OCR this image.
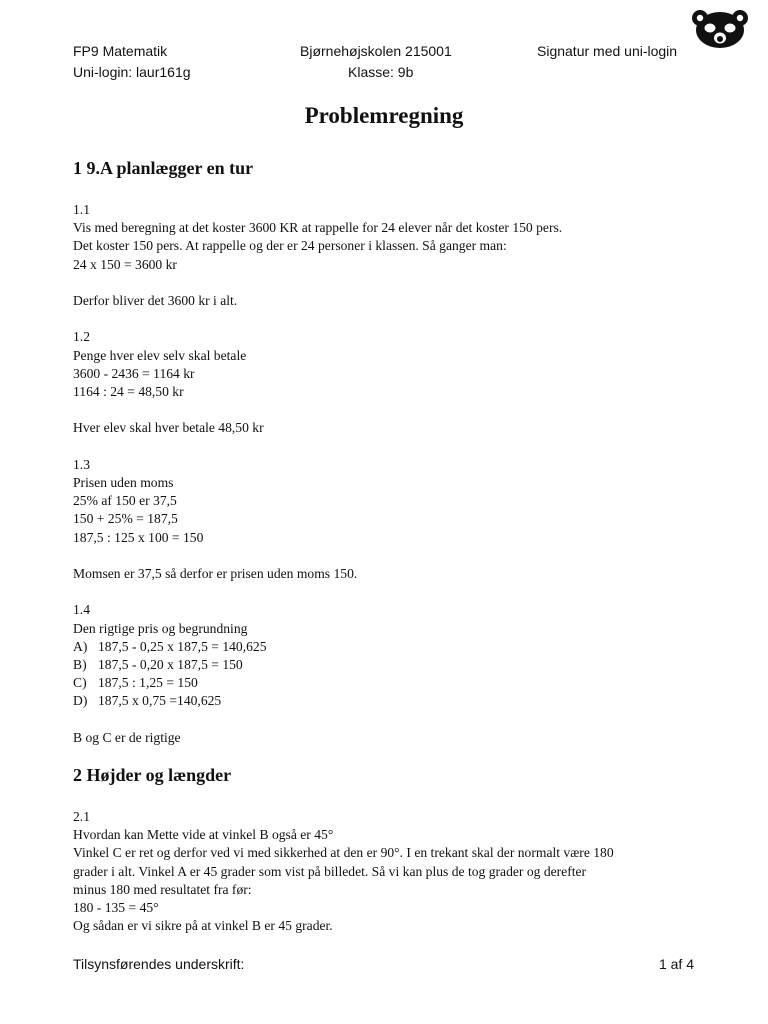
FP9 Matematik	Bjørnehøjskolen 215001	Signatur med uni-login
Uni-login: laur161g	Klasse: 9b
Problemregning
1 9.A planlægger en tur

1.1

Vis med beregning at det koster 3600 KR at rappelle for 24 elever når det koster 150 pers.

Det koster 150 pers. At rappelle og der er 24 personer i klassen. Så ganger man:

24 x 150 = 3600 kr

Derfor bliver det 3600 kr i alt.

1.2

Penge hver elev selv skal betale

3600 - 2436 = 1164 kr

1164 : 24 = 48,50 kr

Hver elev skal hver betale 48,50 kr

1.3

Prisen uden moms

25% af 150 er 37,5

150 + 25% = 187,5

187,5 : 125 x 100 = 150

Momsen er 37,5 så derfor er prisen uden moms 150.

1.4

Den rigtige pris og begrundning

A) 187,5 - 0,25 x 187,5 = 140,625
B) 187,5 - 0,20 x 187,5 = 150
C) 187,5 : 1,25 = 150
D) 187,5 x 0,75 =140,625

B og C er de rigtige

2 Højder og længder

2.1

Hvordan kan Mette vide at vinkel B også er 45°

Vinkel C er ret og derfor ved vi med sikkerhed at den er 90°. I en trekant skal der normalt være 180

grader i alt. Vinkel A er 45 grader som vist på billedet. Så vi kan plus de tog grader og derefter

minus 180 med resultatet fra før:

180 - 135 = 45°

Og sådan er vi sikre på at vinkel B er 45 grader.

Tilsynsførendes underskrift:	1 af 4
